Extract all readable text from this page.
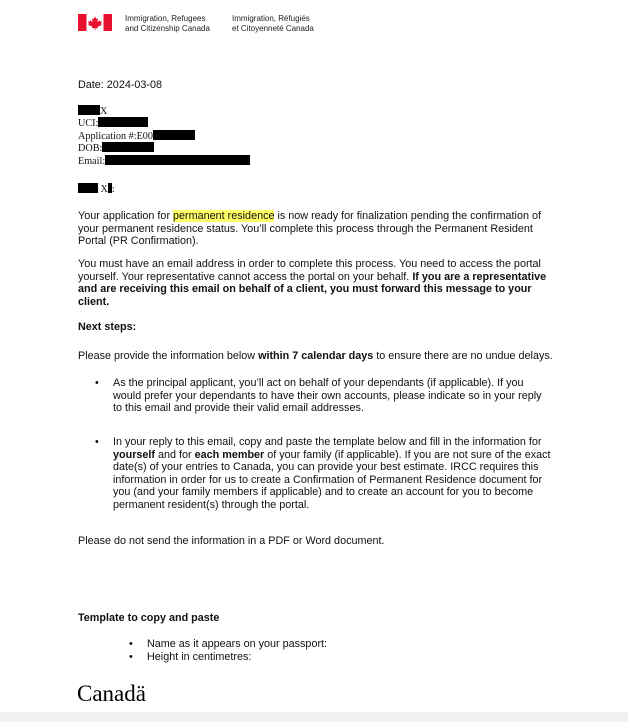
Immigration, Refugees
and Citizenship Canada
Immigration, Réfugiés
et Citoyenneté Canada
Date: 2024-03-08
X
UCI:
Application #:E00
DOB:
Email:
X :

Your application for permanent residence is now ready for finalization pending the confirmation of your permanent residence status. You’ll complete this process through the Permanent Resident Portal (PR Confirmation).

You must have an email address in order to complete this process. You need to access the portal yourself. Your representative cannot access the portal on your behalf. If you are a representative and are receiving this email on behalf of a client, you must forward this message to your client.

Next steps:

Please provide the information below within 7 calendar days to ensure there are no undue delays.

• As the principal applicant, you’ll act on behalf of your dependants (if applicable). If you would prefer your dependants to have their own accounts, please indicate so in your reply to this email and provide their valid email addresses.
• In your reply to this email, copy and paste the template below and fill in the information for yourself and for each member of your family (if applicable). If you are not sure of the exact date(s) of your entries to Canada, you can provide your best estimate. IRCC requires this information in order for us to create a Confirmation of Permanent Residence document for you (and your family members if applicable) and to create an account for you to become permanent resident(s) through the portal.

Please do not send the information in a PDF or Word document.

Template to copy and paste

• Name as it appears on your passport:
• Height in centimetres:
Canadä
